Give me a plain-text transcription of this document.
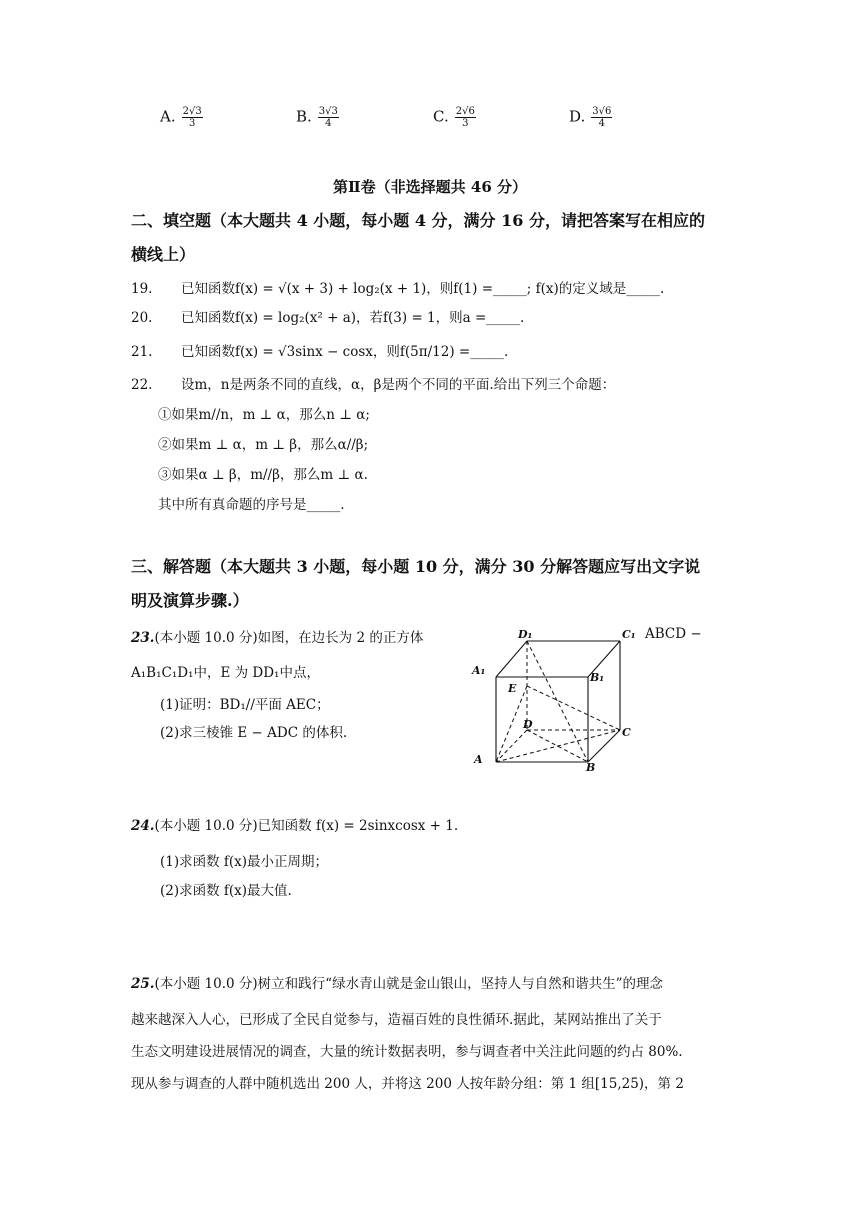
A. $\frac{2√3}{3}$	B. $\frac{3√3}{4}$	C. $\frac{2√6}{3}$	D. $\frac{3√6}{4}$
第Ⅱ卷（非选择题共 46 分）
二、填空题（本大题共 4 小题，每小题 4 分，满分 16 分，请把答案写在相应的
横线上）
19. 已知函数f(x) = √(x + 3) + log₂(x + 1)，则f(1) =_____; f(x)的定义域是_____.
20. 已知函数f(x) = log₂(x² + a)，若f(3) = 1，则a =_____.
21. 已知函数f(x) = √3sinx − cosx，则f(5π/12) =_____.
22. 设m，n是两条不同的直线，α，β是两个不同的平面.给出下列三个命题：
①如果m//n，m ⊥ α，那么n ⊥ α;
②如果m ⊥ α，m ⊥ β，那么α//β;
③如果α ⊥ β，m//β，那么m ⊥ α.
其中所有真命题的序号是_____.
三、解答题（本大题共 3 小题，每小题 10 分，满分 30 分解答题应写出文字说
明及演算步骤.）
23.(本小题 10.0 分)如图，在边长为 2 的正方体	ABCD −
A₁B₁C₁D₁中，E 为 DD₁中点，
(1)证明：BD₁//平面 AEC；
(2)求三棱锥 E − ADC 的体积.
D₁	C₁
A₁
B₁
E
D
C
A
B
24.(本小题 10.0 分)已知函数 f(x) = 2sinxcosx + 1.
(1)求函数 f(x)最小正周期；
(2)求函数 f(x)最大值.
25.(本小题 10.0 分)树立和践行“绿水青山就是金山银山，坚持人与自然和谐共生”的理念
越来越深入人心，已形成了全民自觉参与，造福百姓的良性循环.据此，某网站推出了关于
生态文明建设进展情况的调查，大量的统计数据表明，参与调查者中关注此问题的约占 80%.
现从参与调查的人群中随机选出 200 人，并将这 200 人按年龄分组：第 1 组[15,25)，第 2
